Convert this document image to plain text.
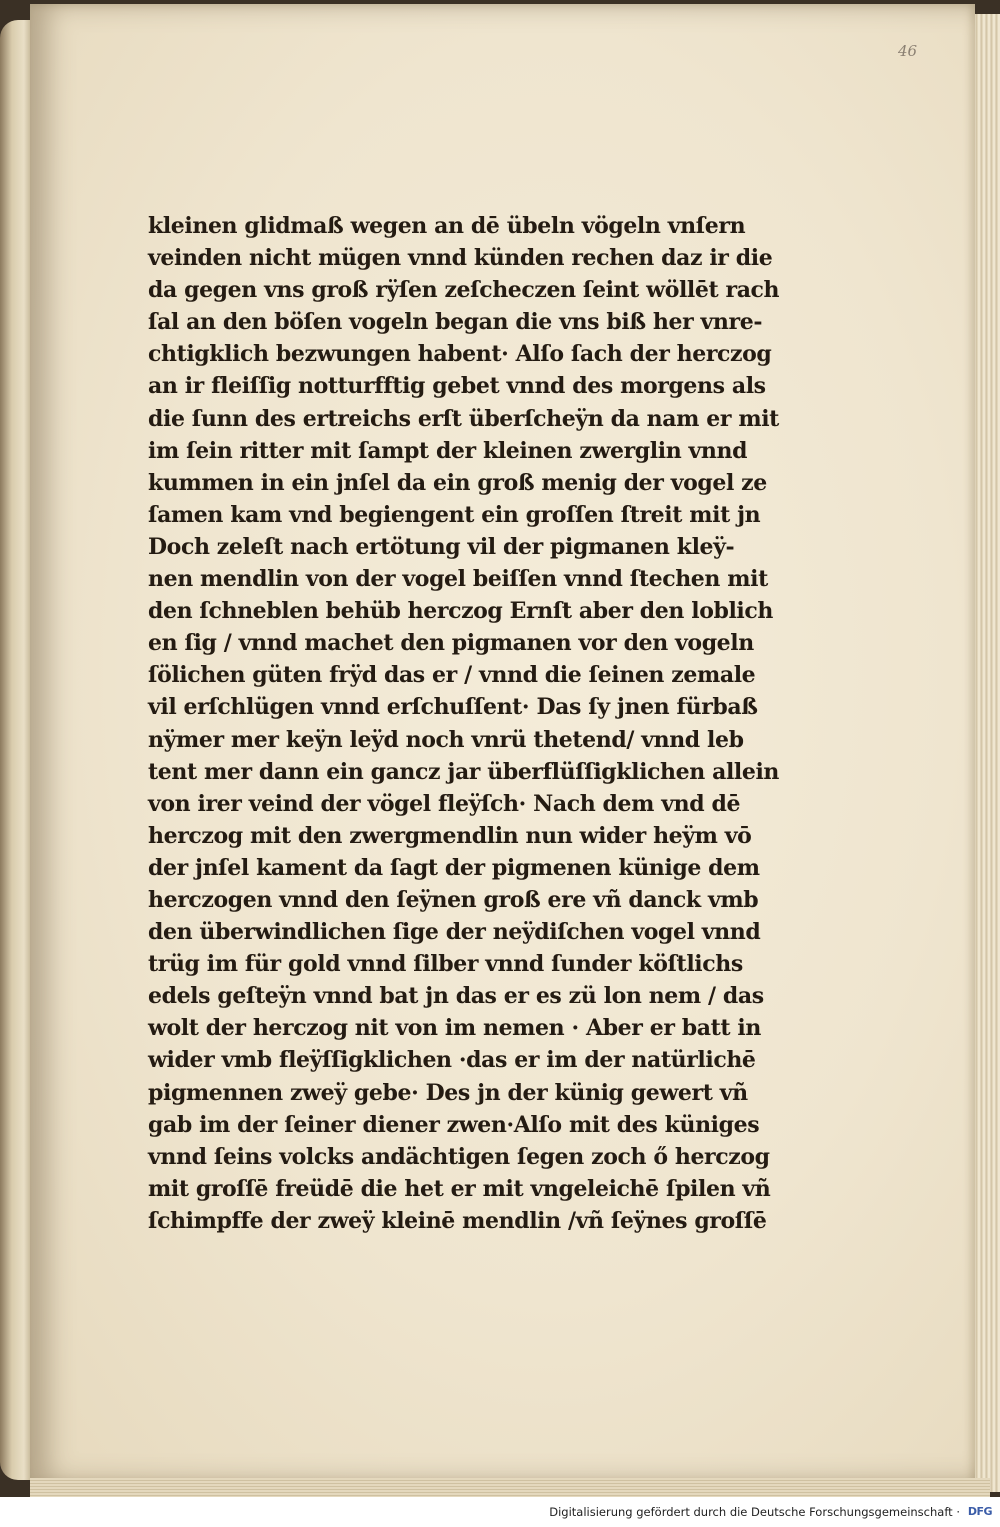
46
kleinen glidmaß wegen an dē übeln vögeln vnſern
veinden nicht mügen vnnd künden rechen daz ir die
da gegen vns groß rÿſen zeſcheczen ſeint wöllēt rach
ſal an den böſen vogeln began die vns biß her vnre-
chtigklich bezwungen habent· Alſo ſach der herczog
an ir fleiſſig notturfftig gebet vnnd des morgens als
die ſunn des ertreichs erſt überſcheÿn da nam er mit
im ſein ritter mit ſampt der kleinen zwerglin vnnd
kummen in ein jnſel da ein groß menig der vogel ze
ſamen kam vnd begiengent ein groſſen ſtreit mit jn
Doch zeleſt nach ertötung vil der pigmanen kleÿ-
nen mendlin von der vogel beiſſen vnnd ſtechen mit
den ſchneblen behüb herczog Ernſt aber den loblich
en ſig / vnnd machet den pigmanen vor den vogeln
ſölichen güten frÿd das er / vnnd die ſeinen zemale
vil erſchlügen vnnd erſchuſſent· Das ſy jnen fürbaß
nÿmer mer keÿn leÿd noch vnrü thetend/ vnnd leb
tent mer dann ein gancz jar überflüſſigklichen allein
von irer veind der vögel fleÿſch· Nach dem vnd dē
herczog mit den zwergmendlin nun wider heÿm vō
der jnſel kament da ſagt der pigmenen künige dem
herczogen vnnd den ſeÿnen groß ere vñ danck vmb
den überwindlichen ſige der neÿdiſchen vogel vnnd
trüg im für gold vnnd ſilber vnnd ſunder köſtlichs
edels geſteÿn vnnd bat jn das er es zü lon nem / das
wolt der herczog nit von im nemen · Aber er batt in
wider vmb fleÿſſigklichen ·das er im der natürlichē
pigmennen zweÿ gebe· Des jn der künig gewert vñ
gab im der ſeiner diener zwen·Alſo mit des küniges
vnnd ſeins volcks andächtigen ſegen zoch ő herczog
mit groſſē freüdē die het er mit vngeleichē ſpilen vñ
ſchimpffe der zweÿ kleinē mendlin /vñ ſeÿnes groſſē
Digitalisierung gefördert durch die Deutsche Forschungsgemeinschaft · DFG
